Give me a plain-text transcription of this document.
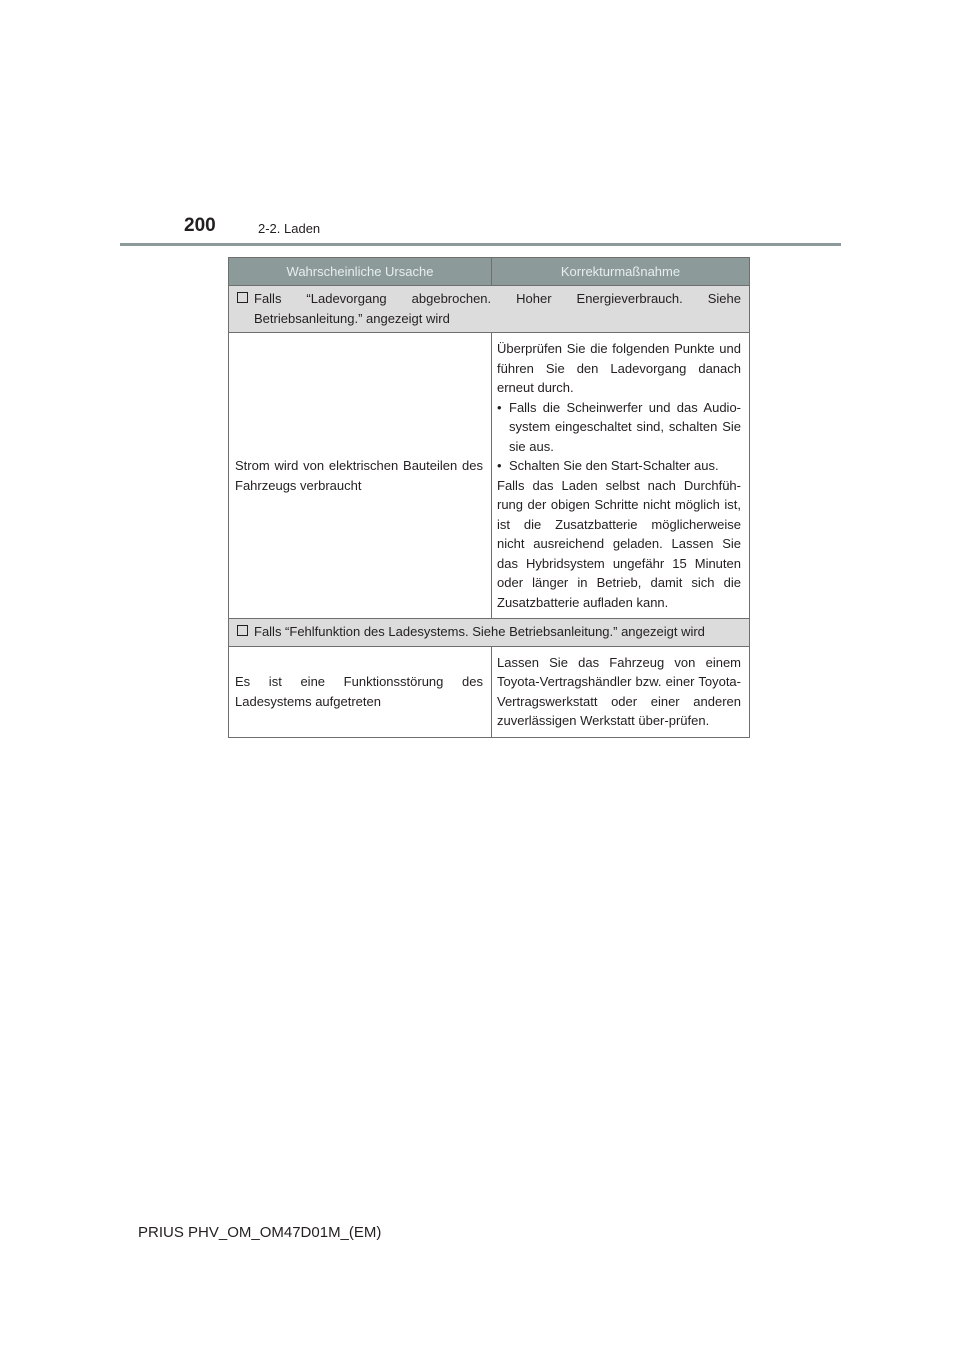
200	2-2. Laden
Wahrscheinliche Ursache	Korrekturmaßnahme

Falls “Ladevorgang abgebrochen. Hoher Energieverbrauch. Siehe Betriebsanleitung.” angezeigt wird	

Strom wird von elektrischen Bauteilen des Fahrzeugs verbraucht	Überprüfen Sie die folgenden Punkte und führen Sie den Ladevorgang danach erneut durch.
• Falls die Scheinwerfer und das Audio-system eingeschaltet sind, schalten Sie sie aus.
• Schalten Sie den Start-Schalter aus.
Falls das Laden selbst nach Durchfüh-rung der obigen Schritte nicht möglich ist, ist die Zusatzbatterie möglicherweise nicht ausreichend geladen. Lassen Sie das Hybridsystem ungefähr 15 Minuten oder länger in Betrieb, damit sich die Zusatzbatterie aufladen kann.

Falls “Fehlfunktion des Ladesystems. Siehe Betriebsanleitung.” angezeigt wird	

Es ist eine Funktionsstörung des Ladesystems aufgetreten	Lassen Sie das Fahrzeug von einem Toyota-Vertragshändler bzw. einer Toyota-Vertragswerkstatt oder einer anderen zuverlässigen Werkstatt über-prüfen.
PRIUS PHV_OM_OM47D01M_(EM)
